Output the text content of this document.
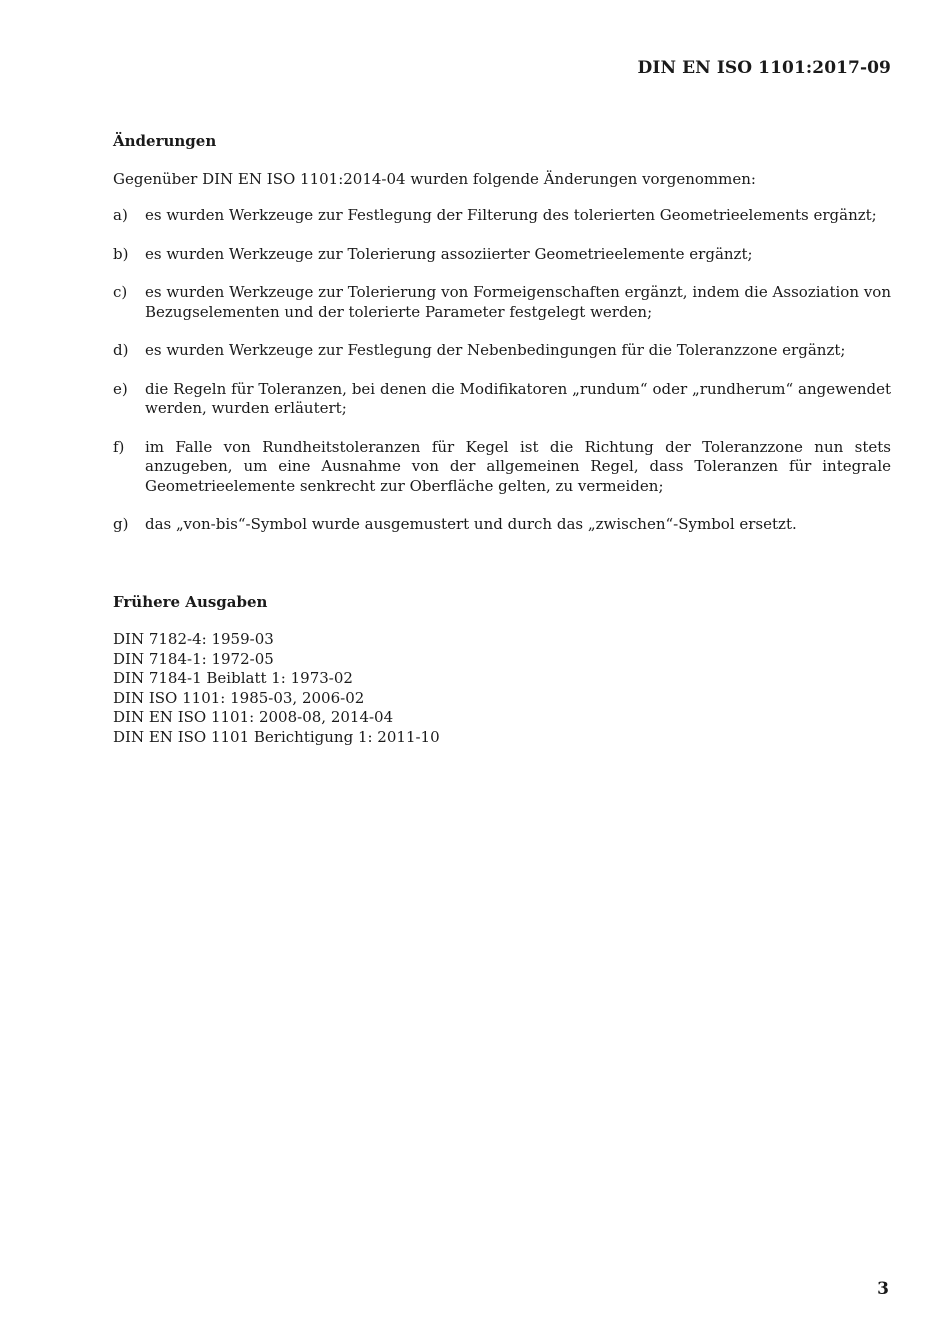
DIN EN ISO 1101:2017-09
Änderungen
Gegenüber DIN EN ISO 1101:2014-04 wurden folgende Änderungen vorgenommen:
a)	es wurden Werkzeuge zur Festlegung der Filterung des tolerierten Geometrieelements ergänzt;
b)	es wurden Werkzeuge zur Tolerierung assoziierter Geometrieelemente ergänzt;
c)	es wurden Werkzeuge zur Tolerierung von Formeigenschaften ergänzt, indem die Assoziation von Bezugselementen und der tolerierte Parameter festgelegt werden;
d)	es wurden Werkzeuge zur Festlegung der Nebenbedingungen für die Toleranzzone ergänzt;
e)	die Regeln für Toleranzen, bei denen die Modifikatoren „rundum“ oder „rundherum“ angewendet werden, wurden erläutert;
f)	im Falle von Rundheitstoleranzen für Kegel ist die Richtung der Toleranzzone nun stets anzugeben, um eine Ausnahme von der allgemeinen Regel, dass Toleranzen für integrale Geometrieelemente senkrecht zur Oberfläche gelten, zu vermeiden;
g)	das „von-bis“-Symbol wurde ausgemustert und durch das „zwischen“-Symbol ersetzt.
Frühere Ausgaben
DIN 7182-4: 1959-03
DIN 7184-1: 1972-05
DIN 7184-1 Beiblatt 1: 1973-02
DIN ISO 1101: 1985-03, 2006-02
DIN EN ISO 1101: 2008-08, 2014-04
DIN EN ISO 1101 Berichtigung 1: 2011-10
3
